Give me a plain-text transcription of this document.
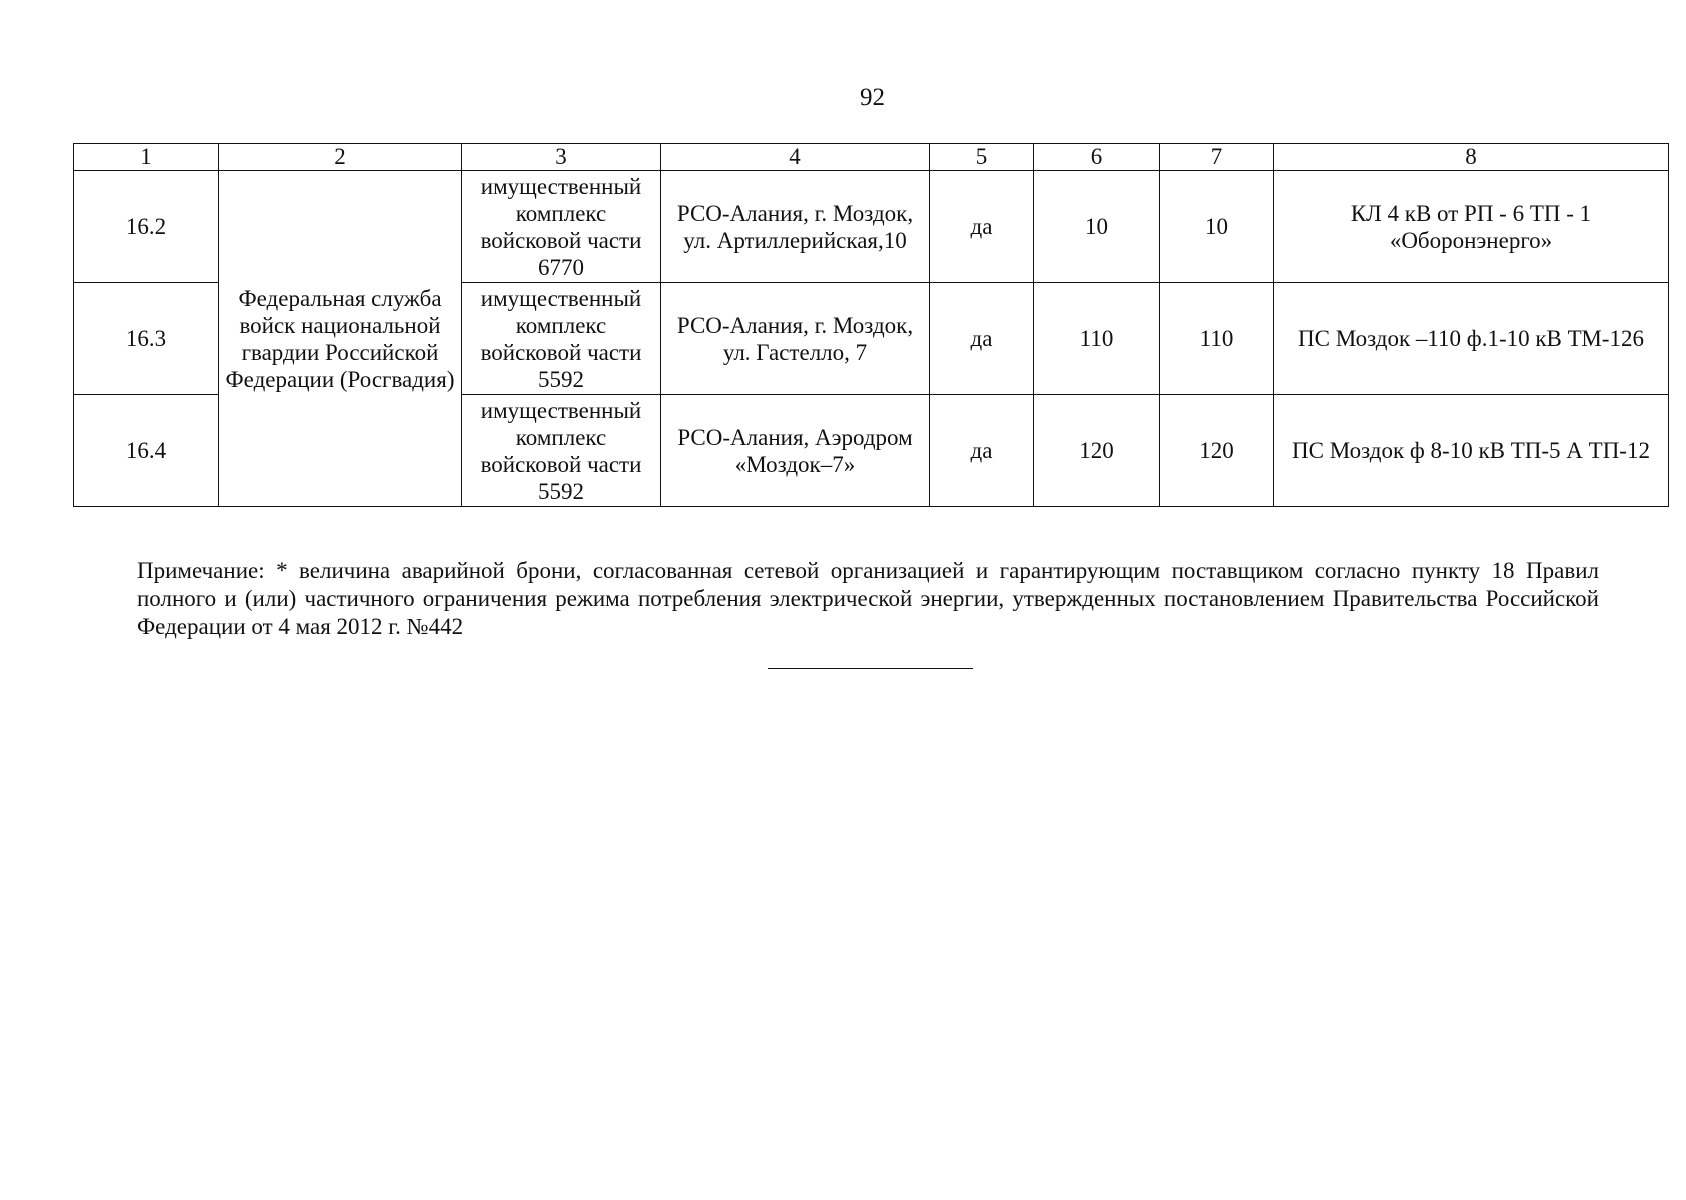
92
1	2	3	4	5	6	7	8
16.2	Федеральная служба войск национальной гвардии Российской Федерации (Росгвадия)	имущественный комплекс войсковой части 6770	РСО-Алания, г. Моздок, ул. Артиллерийская,10	да	10	10	КЛ 4 кВ от РП - 6 ТП - 1 «Оборонэнерго»
16.3		имущественный комплекс войсковой части 5592	РСО-Алания, г. Моздок, ул. Гастелло, 7	да	110	110	ПС Моздок –110 ф.1-10 кВ ТМ-126
16.4		имущественный комплекс войсковой части 5592	РСО-Алания, Аэродром «Моздок–7»	да	120	120	ПС Моздок ф 8-10 кВ ТП-5 А ТП-12

Примечание: * величина аварийной брони, согласованная сетевой организацией и гарантирующим поставщиком согласно пункту 18 Правил полного и (или) частичного ограничения режима потребления электрической энергии, утвержденных постановлением Правительства Российской Федерации от 4 мая 2012 г. №442
